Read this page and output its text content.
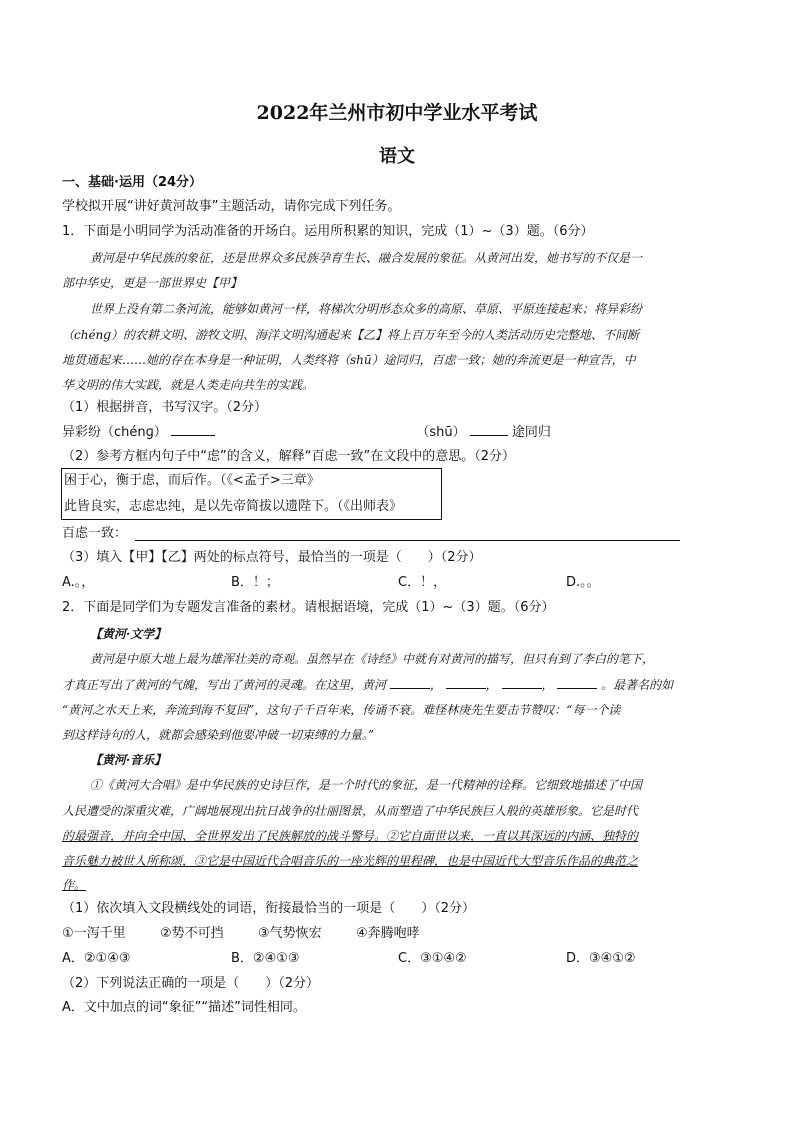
2022年兰州市初中学业水平考试
语文
一、基础·运用（24分）
学校拟开展“讲好黄河故事”主题活动，请你完成下列任务。
1．下面是小明同学为活动准备的开场白。运用所积累的知识，完成（1）~（3）题。（6分）
黄河是中华民族的象征，还是世界众多民族孕育生长、融合发展的象征。从黄河出发，她书写的不仅是一
部中华史，更是一部世界史【甲】
世界上没有第二条河流，能够如黄河一样，将梯次分明形态众多的高原、草原、平原连接起来；将异彩纷
（chénɡ）的农耕文明、游牧文明、海洋文明沟通起来【乙】将上百万年至今的人类活动历史完整地、不间断
地贯通起来……她的存在本身是一种证明，人类终将（shū）途同归，百虑一致；她的奔流更是一种宣告，中
华文明的伟大实践，就是人类走向共生的实践。
（1）根据拼音，书写汉字。（2分）
异彩纷（chénɡ）	（shū）	途同归
（2）参考方框内句子中“虑”的含义，解释“百虑一致”在文段中的意思。（2分）
困于心，衡于虑，而后作。（《<孟子>三章》
此皆良实，志虑忠纯，是以先帝简拔以遗陛下。（《出师表》
百虑一致：
（3）填入【甲】【乙】两处的标点符号，最恰当的一项是（　　）（2分）
A.。，	B．！；	C．！，	D.。。
2．下面是同学们为专题发言准备的素材。请根据语境，完成（1）~（3）题。（6分）
【黄河·文学】
黄河是中原大地上最为雄浑壮美的奇观。虽然早在《诗经》中就有对黄河的描写，但只有到了李白的笔下，
才真正写出了黄河的气魄，写出了黄河的灵魂。在这里，黄河	，	，	，	。最著名的如
“黄河之水天上来，奔流到海不复回”，这句子千百年来，传诵不衰。难怪林庚先生要击节赞叹：“每一个读
到这样诗句的人，就都会感染到他要冲破一切束缚的力量。”
【黄河·音乐】
①《黄河大合唱》是中华民族的史诗巨作，是一个时代的象征，是一代精神的诠释。它细致地描述了中国
人民遭受的深重灾难，广阔地展现出抗日战争的壮丽图景，从而塑造了中华民族巨人般的英雄形象。它是时代
的最强音，并向全中国、全世界发出了民族解放的战斗警号。②它自面世以来，一直以其深远的内涵、独特的
音乐魅力被世人所称颂，③它是中国近代合唱音乐的一座光辉的里程碑，也是中国近代大型音乐作品的典范之
作。
（1）依次填入文段横线处的词语，衔接最恰当的一项是（　　）（2分）
①一泻千里	②势不可挡	③气势恢宏	④奔腾咆哮
A．②①④③	B．②④①③	C．③①④②	D．③④①②
（2）下列说法正确的一项是（　　）（2分）
A．文中加点的词“象征”“描述”词性相同。
